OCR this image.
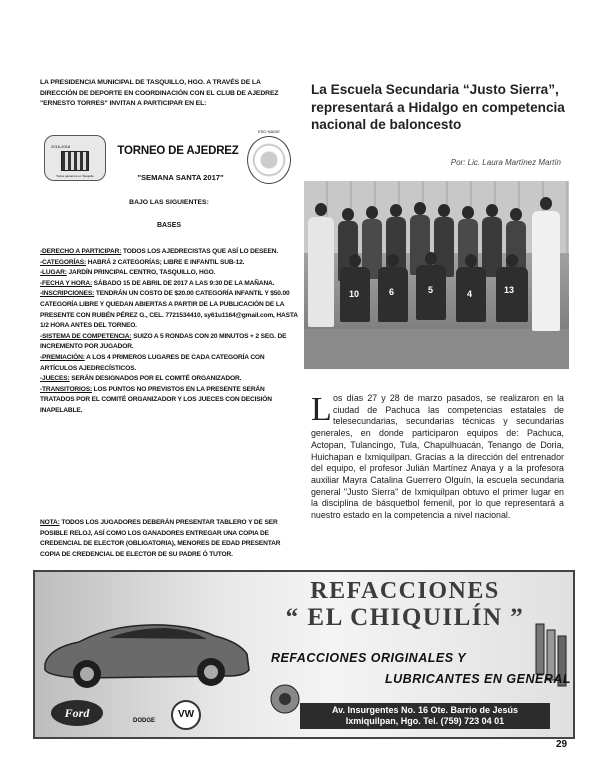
LA PRESIDENCIA MUNICIPAL DE TASQUILLO, HGO. A TRAVÉS DE LA DIRECCIÓN DE DEPORTE EN COORDINACIÓN CON EL CLUB DE AJEDREZ "ERNESTO TORRES" INVITAN A PARTICIPAR EN EL:
2016-2018
Todos ganamos en Tasquillo
TORNEO DE AJEDREZ
"SEMANA SANTA 2017"
ESO NADIE
BAJO LAS SIGUIENTES:
BASES

-DERECHO A PARTICIPAR: TODOS LOS AJEDRECISTAS QUE ASÍ LO DESEEN.

-CATEGORÍAS: HABRÁ 2 CATEGORÍAS; LIBRE E INFANTIL SUB-12.

-LUGAR: JARDÍN PRINCIPAL CENTRO, TASQUILLO, HGO.

-FECHA Y HORA: SÁBADO 15 DE ABRIL DE 2017 A LAS 9:30 DE LA MAÑANA.

-INSCRIPCIONES: TENDRÁN UN COSTO DE $20.00 CATEGORÍA INFANTIL Y $50.00 CATEGORÍA LIBRE Y QUEDAN ABIERTAS A PARTIR DE LA PUBLICACIÓN DE LA PRESENTE CON RUBÉN PÉREZ G., CEL. 7721534410, sy61u1164@gmail.com, HASTA 1/2 HORA ANTES DEL TORNEO.

-SISTEMA DE COMPETENCIA: SUIZO A 5 RONDAS CON 20 MINUTOS + 2 SEG. DE INCREMENTO POR JUGADOR.

-PREMIACIÓN: A LOS 4 PRIMEROS LUGARES DE CADA CATEGORÍA CON ARTÍCULOS AJEDRECÍSTICOS.

-JUECES: SERÁN DESIGNADOS POR EL COMITÉ ORGANIZADOR.

-TRANSITORIOS: LOS PUNTOS NO PREVISTOS EN LA PRESENTE SERÁN TRATADOS POR EL COMITÉ ORGANIZADOR Y LOS JUECES CON DECISIÓN INAPELABLE.

NOTA: TODOS LOS JUGADORES DEBERÁN PRESENTAR TABLERO Y DE SER POSIBLE RELOJ, ASÍ COMO LOS GANADORES ENTREGAR UNA COPIA DE CREDENCIAL DE ELECTOR (OBLIGATORIA), MENORES DE EDAD PRESENTAR COPIA DE CREDENCIAL DE ELECTOR DE SU PADRE Ó TUTOR.
La Escuela Secundaria “Justo Sierra”, representará a Hidalgo en competencia nacional de baloncesto
Por: Lic. Laura Martínez Martín
10	6	5	4	13
Los días 27 y 28 de marzo pasados, se realizaron en la ciudad de Pachuca las competencias estatales de telesecundarias, secundarias técnicas y secundarias generales, en donde participaron equipos de: Pachuca, Actopan, Tulancingo, Tula, Chapulhuacán, Tenango de Doria, Huichapan e Ixmiquilpan. Gracias a la dirección del entrenador del equipo, el profesor Julián Martínez Anaya y a la profesora auxiliar Mayra Catalina Guerrero Olguín, la escuela secundaria general "Justo Sierra" de Ixmiquilpan obtuvo el primer lugar en la disciplina de básquetbol femenil, por lo que representará a nuestro estado en la competencia a nivel nacional.
REFACCIONES
“ EL CHIQUILÍN ”
REFACCIONES ORIGINALES Y
LUBRICANTES EN GENERAL
Av. Insurgentes No. 16 Ote. Barrio de Jesús
Ixmiquilpan, Hgo. Tel. (759) 723 04 01
Ford
DODGE
VW
29
